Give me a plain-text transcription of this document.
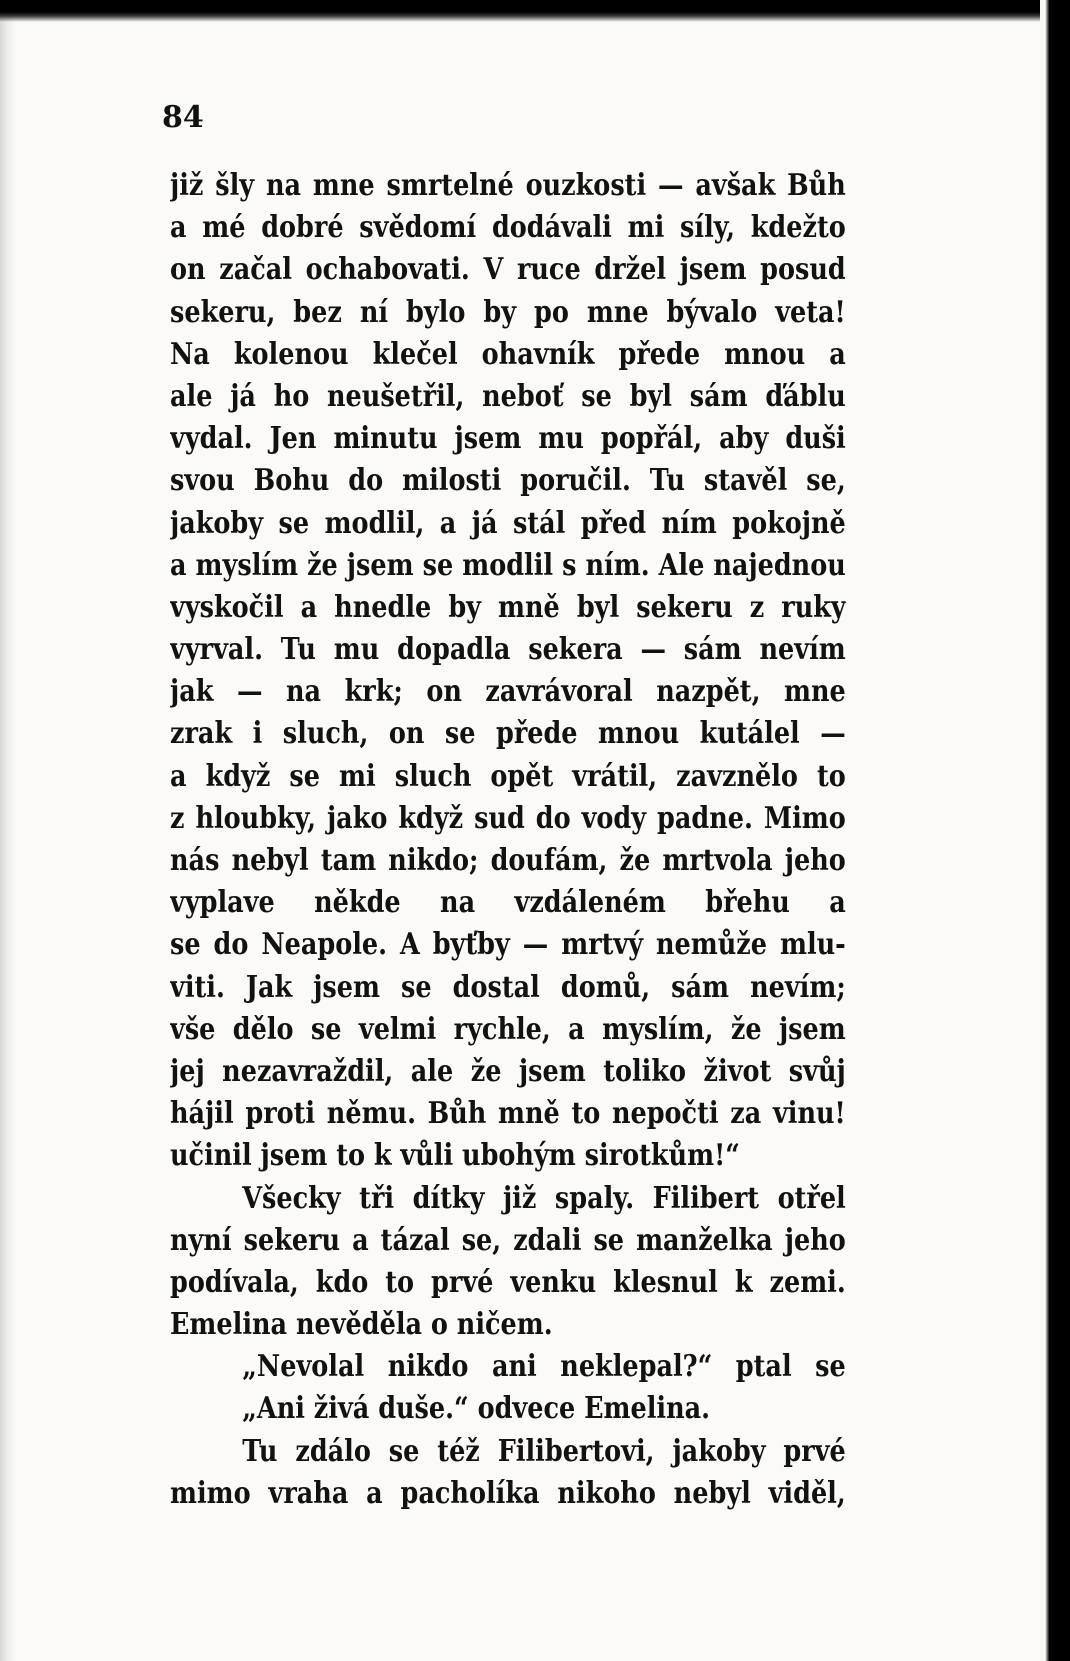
84
již šly na mne smrtelné ouzkosti — avšak Bůh
a mé dobré svědomí dodávali mi síly, kdežto
on začal ochabovati. V ruce držel jsem posud
sekeru, bez ní bylo by po mne bývalo veta!
Na kolenou klečel ohavník přede mnou a
ale já ho neušetřil, neboť se byl sám ďáblu
vydal. Jen minutu jsem mu popřál, aby duši
svou Bohu do milosti poručil. Tu stavěl se,
jakoby se modlil, a já stál před ním pokojně
a myslím že jsem se modlil s ním. Ale najednou
vyskočil a hnedle by mně byl sekeru z ruky
vyrval. Tu mu dopadla sekera — sám nevím
jak — na krk; on zavrávoral nazpět, mne
zrak i sluch, on se přede mnou kutálel —
a když se mi sluch opět vrátil, zavznělo to
z hloubky, jako když sud do vody padne. Mimo
nás nebyl tam nikdo; doufám, že mrtvola jeho
vyplave někde na vzdáleném břehu a
se do Neapole. A byťby — mrtvý nemůže mlu-
viti. Jak jsem se dostal domů, sám nevím;
vše dělo se velmi rychle, a myslím, že jsem
jej nezavraždil, ale že jsem toliko život svůj
hájil proti němu. Bůh mně to nepočti za vinu!
učinil jsem to k vůli ubohým sirotkům!“
Všecky tři dítky již spaly. Filibert otřel
nyní sekeru a tázal se, zdali se manželka jeho
podívala, kdo to prvé venku klesnul k zemi.
Emelina nevěděla o ničem.
„Nevolal nikdo ani neklepal?“ ptal se
„Ani živá duše.“ odvece Emelina.
Tu zdálo se též Filibertovi, jakoby prvé
mimo vraha a pacholíka nikoho nebyl viděl,
